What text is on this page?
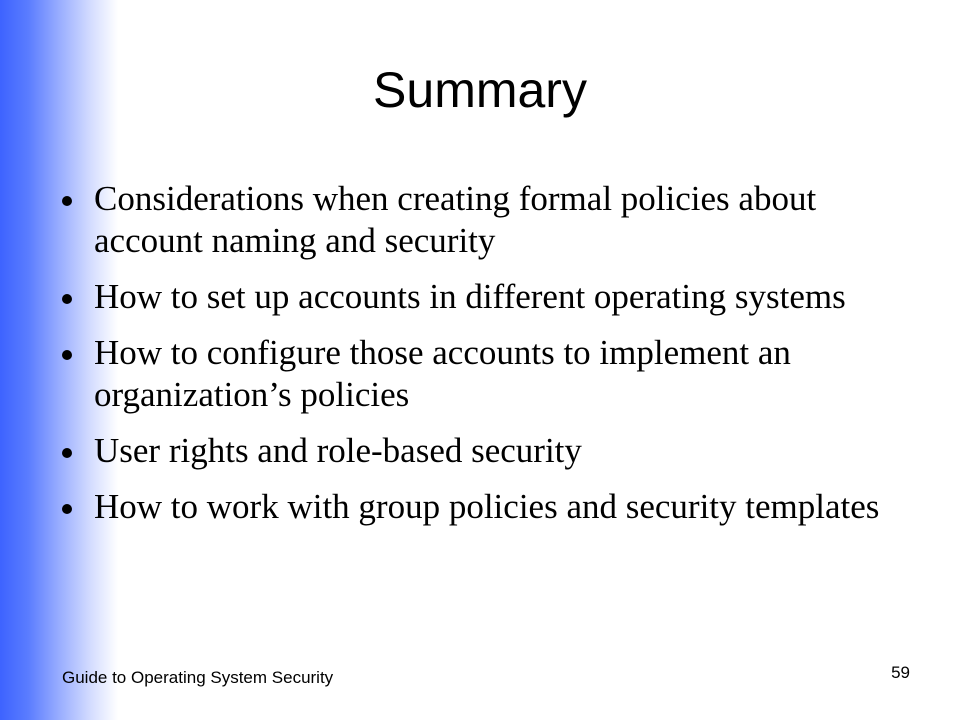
Summary
Considerations when creating formal policies about account naming and security
How to set up accounts in different operating systems
How to configure those accounts to implement an organization’s policies
User rights and role-based security
How to work with group policies and security templates
Guide to Operating System Security	59
